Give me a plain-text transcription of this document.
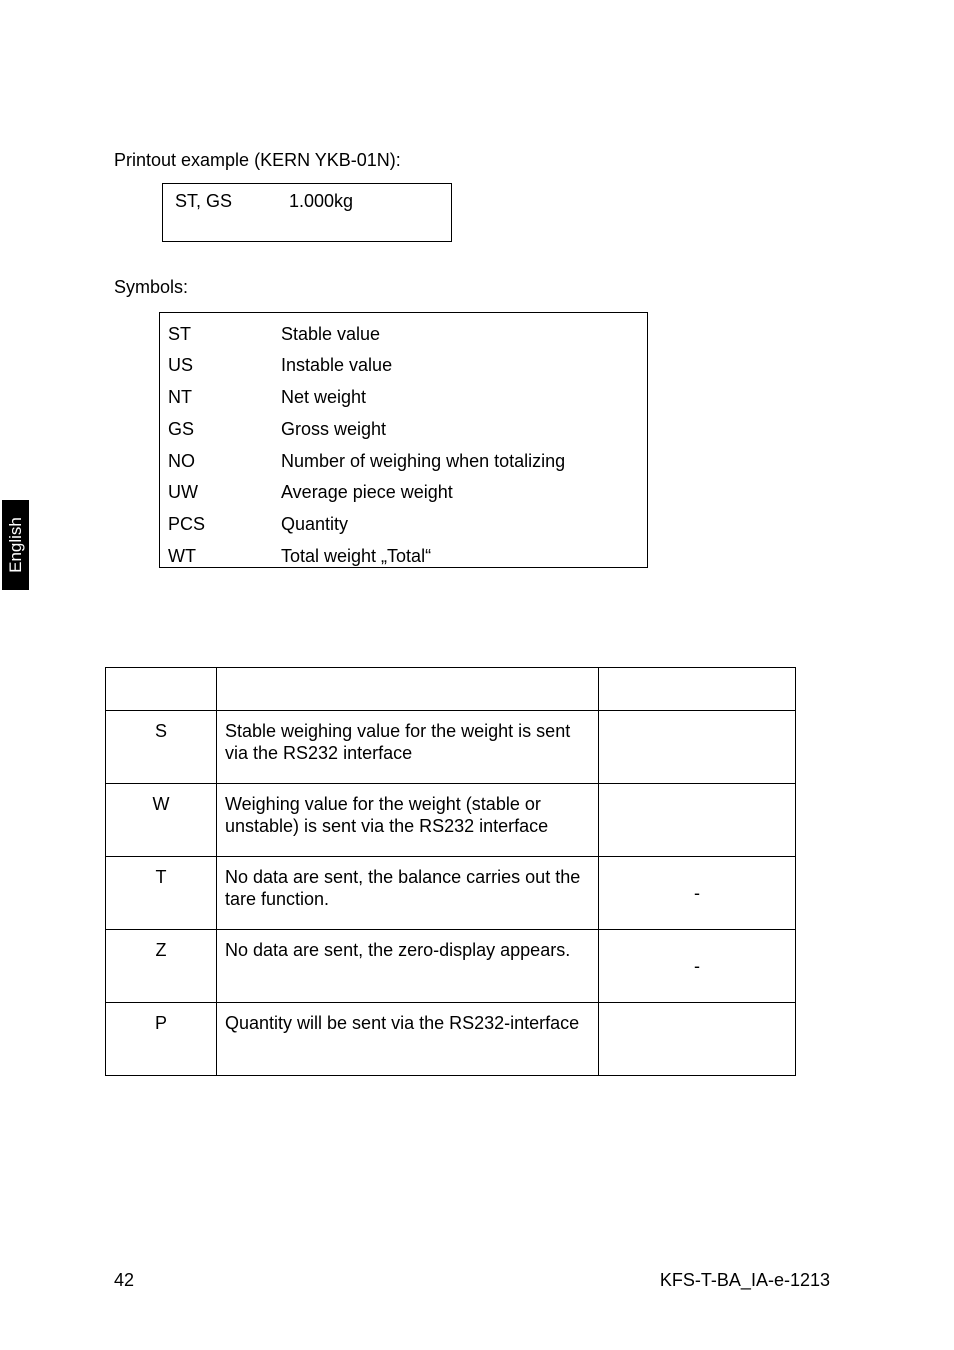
Printout example (KERN YKB-01N):
ST, GS	1.000kg
Symbols:
ST	Stable value
US	Instable value
NT	Net weight
GS	Gross weight
NO	Number of weighing when totalizing
UW	Average piece weight
PCS	Quantity
WT	Total weight „Total“

S	Stable weighing value for the weight is sent via the RS232 interface	
W	Weighing value for the weight (stable or unstable) is sent via the RS232 interface	
T	No data are sent, the balance carries out the tare function.	-
Z	No data are sent, the zero-display appears.	-
P	Quantity will be sent via the RS232-interface	
English
42	KFS-T-BA_IA-e-1213
